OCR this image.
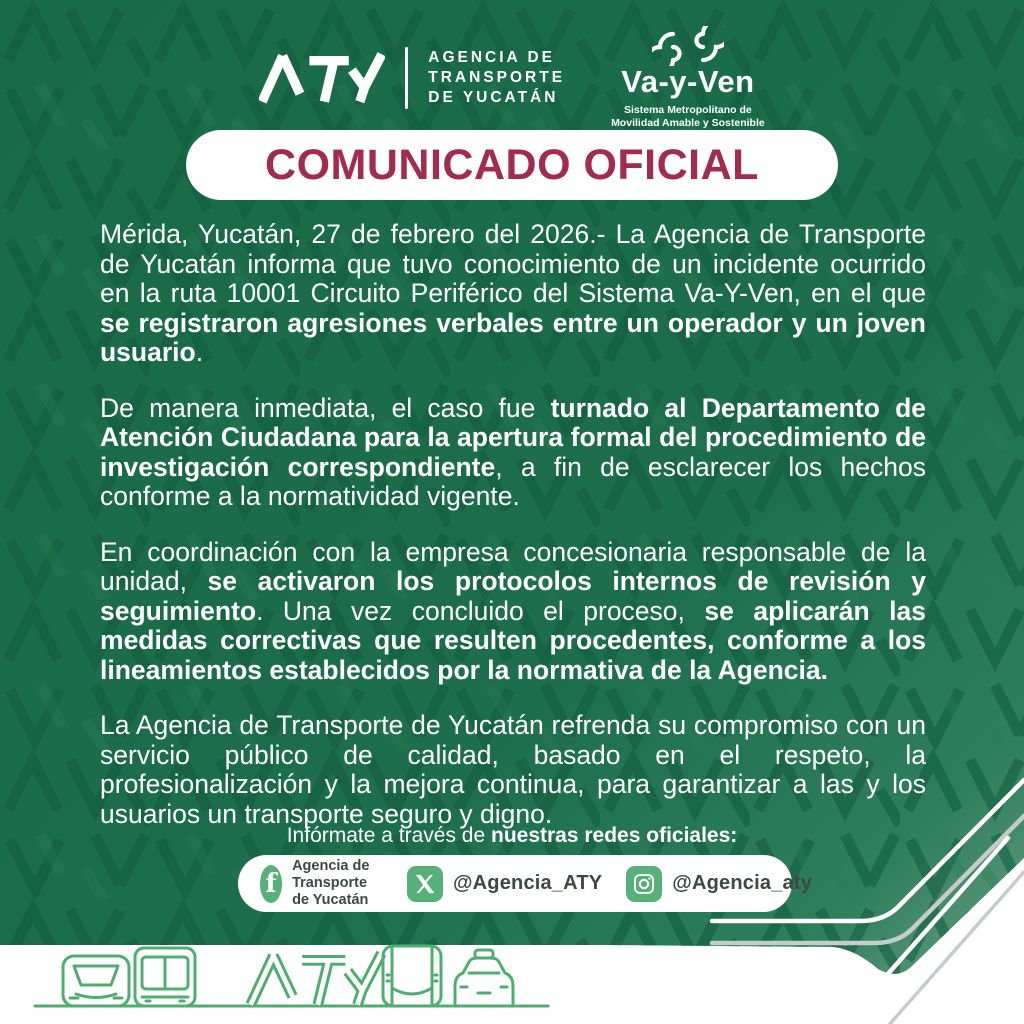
AGENCIA DE
TRANSPORTE
DE YUCATÁN Va-y-Ven
Sistema Metropolitano de
Movilidad Amable y Sostenible
COMUNICADO OFICIAL

Mérida, Yucatán, 27 de febrero del 2026.- La Agencia de Transporte de Yucatán informa que tuvo conocimiento de un incidente ocurrido en la ruta 10001 Circuito Periférico del Sistema Va-Y-Ven, en el que se registraron agresiones verbales entre un operador y un joven usuario.

De manera inmediata, el caso fue turnado al Departamento de Atención Ciudadana para la apertura formal del procedimiento de investigación correspondiente, a fin de esclarecer los hechos conforme a la normatividad vigente.

En coordinación con la empresa concesionaria responsable de la unidad, se activaron los protocolos internos de revisión y seguimiento. Una vez concluido el proceso, se aplicarán las medidas correctivas que resulten procedentes, conforme a los lineamientos establecidos por la normativa de la Agencia.

La Agencia de Transporte de Yucatán refrenda su compromiso con un servicio público de calidad, basado en el respeto, la profesionalización y la mejora continua, para garantizar a las y los usuarios un transporte seguro y digno.

Infórmate a través de nuestras redes oficiales:
f
Agencia de Transporte
de Yucatán
@Agencia_ATY	@Agencia_aty
